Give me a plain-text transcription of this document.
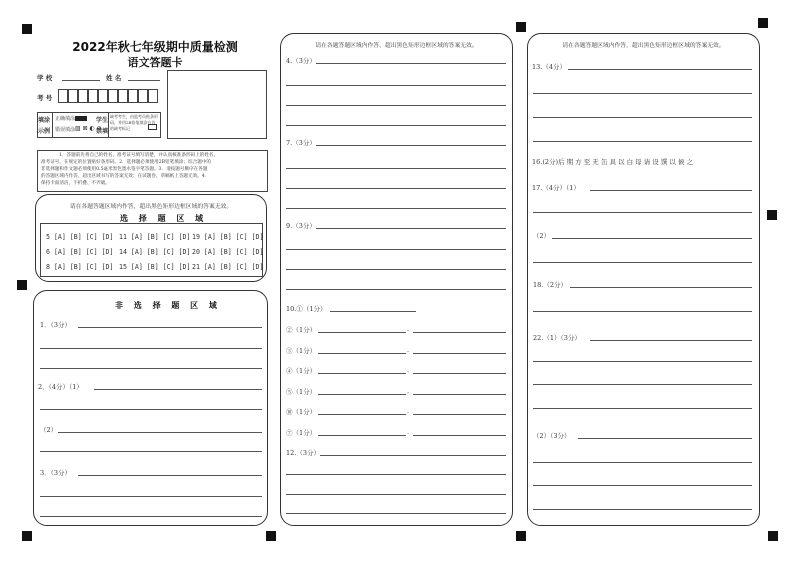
2022年秋七年级期中质量检测
语文答题卡
学 校	姓 名
考 号
填涂
示例
正确填涂
错误填涂 ▨ ⊠ ◐ ⊘
学生
禁填
缺考考生，由监考员贴条形
码，并用2B铅笔填涂右边
的缺考标记
1．答题前先将自己的姓名、准考证号填写清楚，并认真核准条形码上的姓名、
准考证号，在规定的位置贴好条形码。2．选择题必须使用2B铅笔填涂；综合题中的
非选择题和作文题必须使用0.5毫米黑色墨水签字笔答题。3．请按题号顺序在各题
的答题区域内作答，超出区域书写的答案无效；在试题卷、草稿纸上答题无效。4．
保持卡面清洁，不折叠、不弄破。
请在各题答题区域内作答，超出黑色矩形边框区域的答案无效。
选 择 题 区 域
5 [A] [B] [C] [D] 11 [A] [B] [C] [D] 19 [A] [B] [C] [D]
6 [A] [B] [C] [D] 14 [A] [B] [C] [D] 20 [A] [B] [C] [D]
8 [A] [B] [C] [D] 15 [A] [B] [C] [D] 21 [A] [B] [C] [D]
非 选 择 题 区 域
1．（3分）
2．（4分）（1）
（2）
3．（3分）
请在各题答题区域内作答，超出黑色矩形边框区域的答案无效。
4.（3分）
7.（3分）
9.（3分）
10.①（1分）
②（1分）	.
③（1分）	.
④（1分）	.
⑤（1分）	.
⑩（1分）	.
⑦（1分）	.
12.（3分）
请在各题答题区域内作答，超出黑色矩形边框区域的答案无效。
13.（4分）
16.(2分)后 期 方 至 无 缶 具 以 白 母 请 设 馔 以 候 之
17.（4分）（1）
（2）
18.（2分）
22.（1）（3分）
（2）（3分）
